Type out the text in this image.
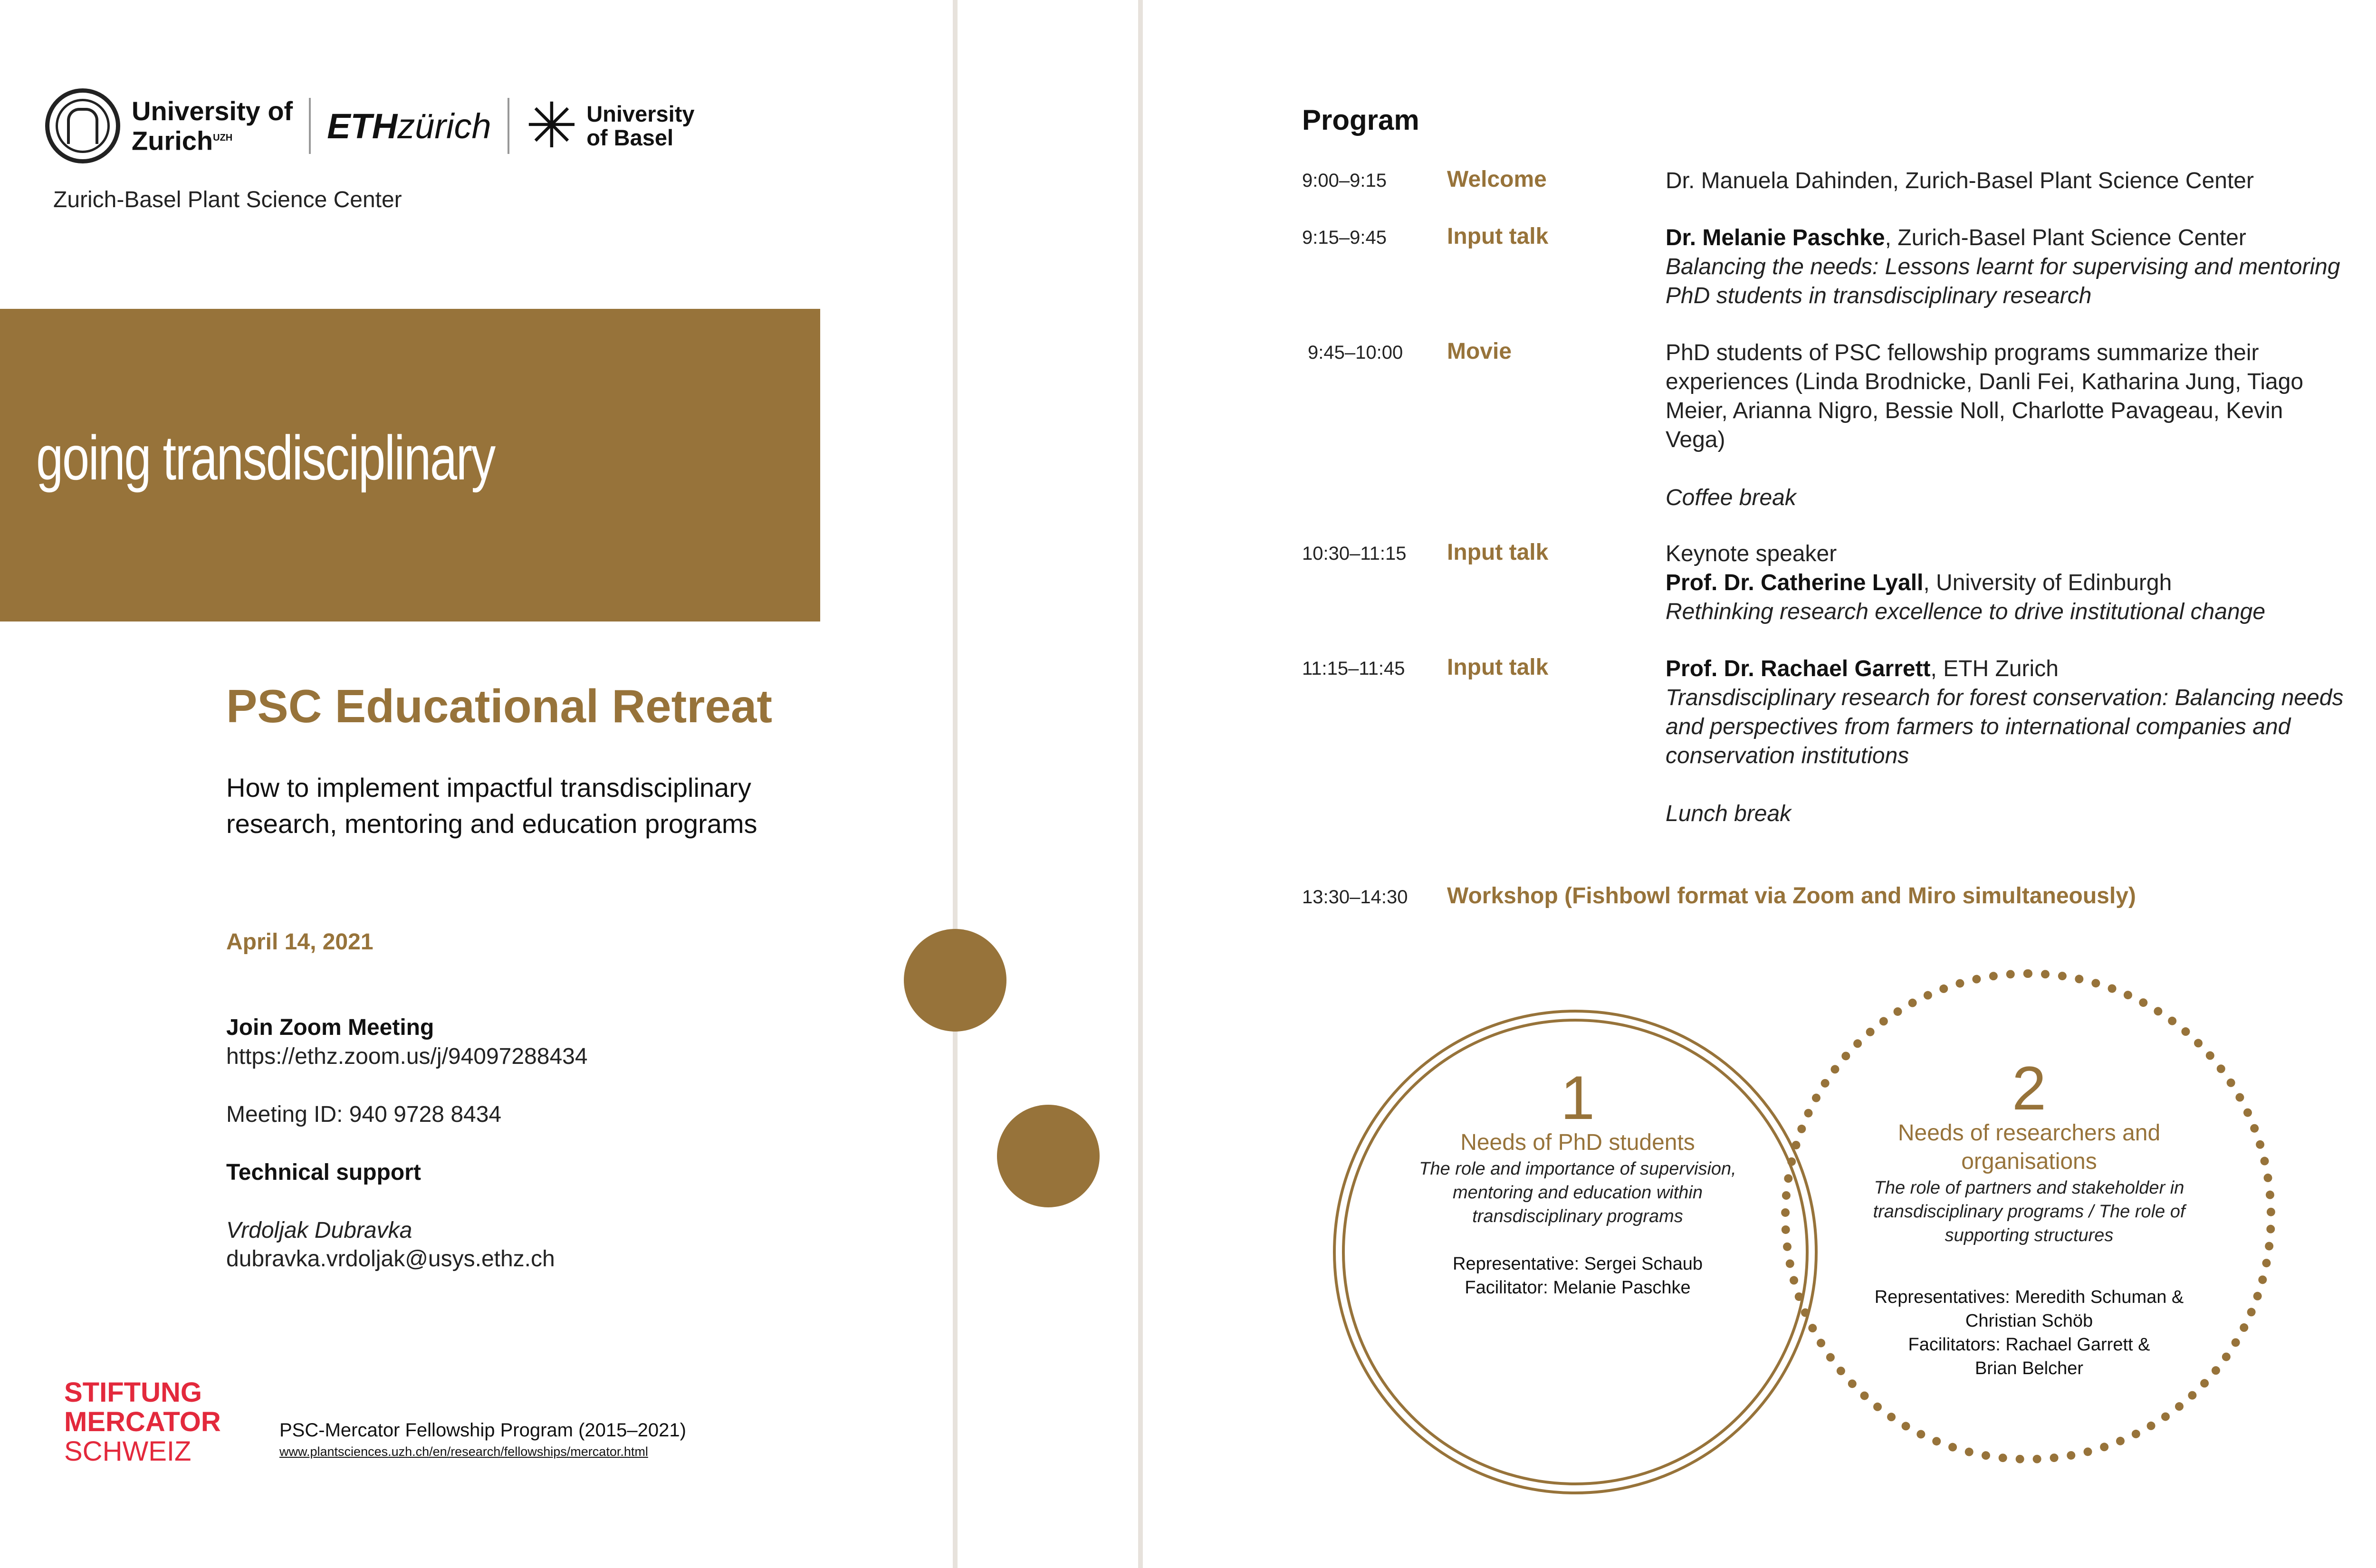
University of
Zurich$^{UZH}$	ETHzürich ✳ University
of Basel
Zurich-Basel Plant Science Center
going transdisciplinary
PSC Educational Retreat
How to implement impactful transdisciplinary research, mentoring and education programs
April 14, 2021
Join Zoom Meeting
https://ethz.zoom.us/j/94097288434
Meeting ID: 940 9728 8434
Technical support
Vrdoljak Dubravka
dubravka.vrdoljak@usys.ethz.ch
STIFTUNG
MERCATOR
SCHWEIZ
PSC-Mercator Fellowship Program (2015–2021)
www.plantsciences.uzh.ch/en/research/fellowships/mercator.html
Program
9:00–9:15	Welcome	Dr. Manuela Dahinden, Zurich-Basel Plant Science Center
9:15–9:45	Input talk	Dr. Melanie Paschke, Zurich-Basel Plant Science Center
Balancing the needs: Lessons learnt for supervising and mentoring PhD students in transdisciplinary research
9:45–10:00 Movie	PhD students of PSC fellowship programs summarize their experiences (Linda Brodnicke, Danli Fei, Katharina Jung, Tiago Meier, Arianna Nigro, Bessie Noll, Charlotte Pavageau, Kevin Vega)
Coffee break
10:30–11:15 Input talk	Keynote speaker
Prof. Dr. Catherine Lyall, University of Edinburgh
Rethinking research excellence to drive institutional change
11:15–11:45 Input talk	Prof. Dr. Rachael Garrett, ETH Zurich
Transdisciplinary research for forest conservation: Balancing needs and perspectives from farmers to international companies and conservation institutions
Lunch break
13:30–14:30 Workshop (Fishbowl format via Zoom and Miro simultaneously)
1
Needs of PhD students
The role and importance of supervision, mentoring and education within transdisciplinary programs
Representative: Sergei Schaub
Facilitator: Melanie Paschke
2
Needs of researchers and organisations
The role of partners and stakeholder in transdisciplinary programs / The role of supporting structures
Representatives: Meredith Schuman & Christian Schöb
Facilitators: Rachael Garrett & Brian Belcher
